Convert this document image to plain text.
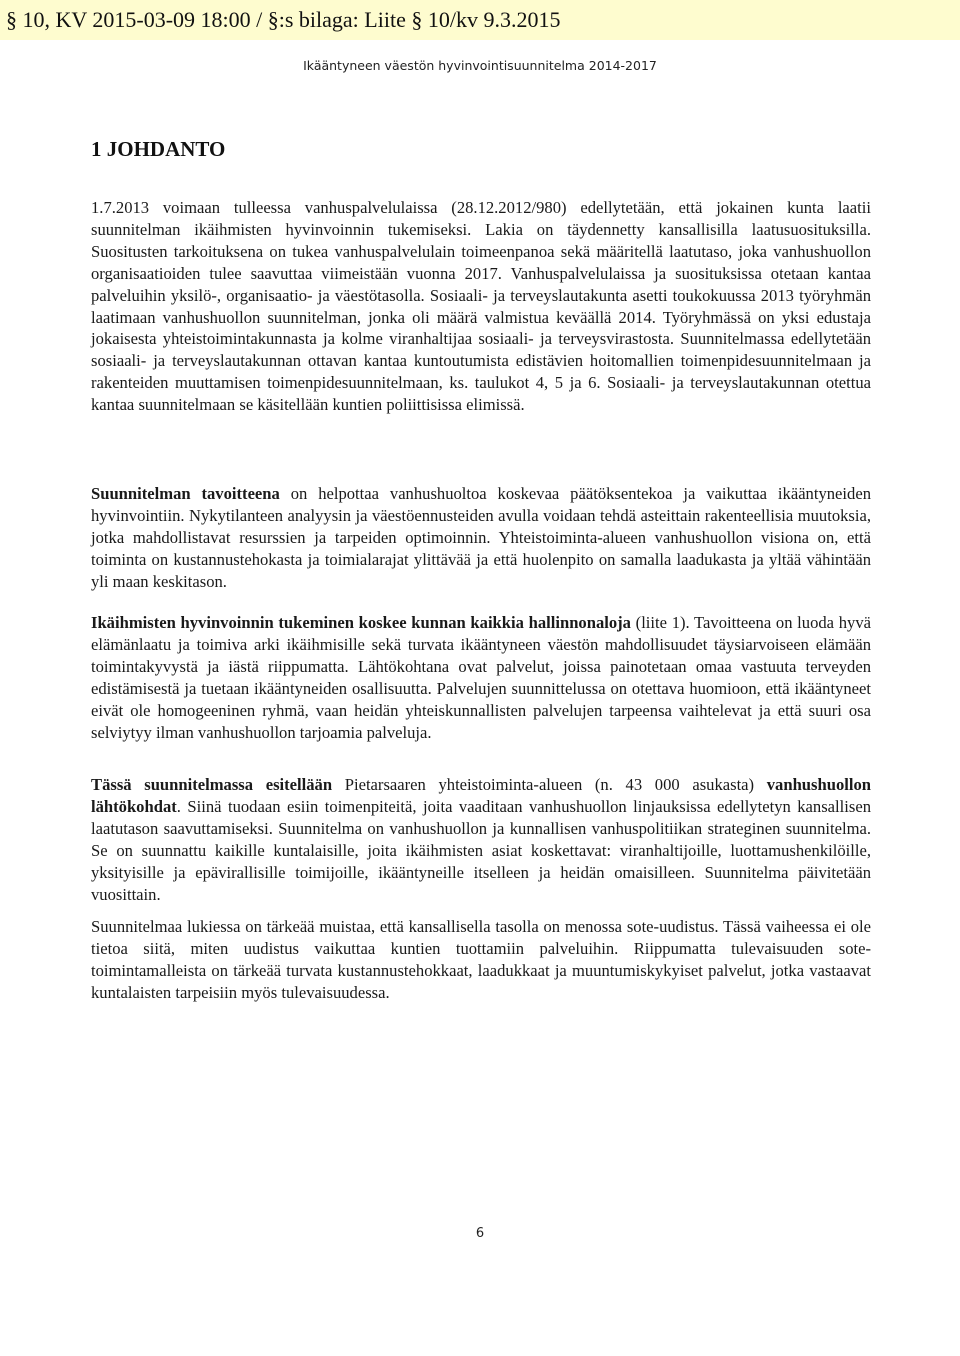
§ 10, KV 2015-03-09 18:00 / §:s bilaga: Liite § 10/kv 9.3.2015
Ikääntyneen väestön hyvinvointisuunnitelma 2014-2017
1 JOHDANTO

1.7.2013 voimaan tulleessa vanhuspalvelulaissa (28.12.2012/980) edellytetään, että jokainen kunta laatii suunnitelman ikäihmisten hyvinvoinnin tukemiseksi. Lakia on täydennetty kansallisilla laatusuosituksilla. Suositusten tarkoituksena on tukea vanhuspalvelulain toimeenpanoa sekä määritellä laatutaso, joka vanhushuollon organisaatioiden tulee saavuttaa viimeistään vuonna 2017. Vanhuspalvelulaissa ja suosituksissa otetaan kantaa palveluihin yksilö-, organisaatio- ja väestötasolla. Sosiaali- ja terveyslautakunta asetti toukokuussa 2013 työryhmän laatimaan vanhushuollon suunnitelman, jonka oli määrä valmistua keväällä 2014. Työryhmässä on yksi edustaja jokaisesta yhteistoimintakunnasta ja kolme viranhaltijaa sosiaali- ja terveysvirastosta. Suunnitelmassa edellytetään sosiaali- ja terveyslautakunnan ottavan kantaa kuntoutumista edistävien hoitomallien toimenpidesuunnitelmaan ja rakenteiden muuttamisen toimenpidesuunnitelmaan, ks. taulukot 4, 5 ja 6. Sosiaali- ja terveyslautakunnan otettua kantaa suunnitelmaan se käsitellään kuntien poliittisissa elimissä.

Suunnitelman tavoitteena on helpottaa vanhushuoltoa koskevaa päätöksentekoa ja vaikuttaa ikääntyneiden hyvinvointiin. Nykytilanteen analyysin ja väestöennusteiden avulla voidaan tehdä asteittain rakenteellisia muutoksia, jotka mahdollistavat resurssien ja tarpeiden optimoinnin. Yhteistoiminta-alueen vanhushuollon visiona on, että toiminta on kustannustehokasta ja toimialarajat ylittävää ja että huolenpito on samalla laadukasta ja yltää vähintään yli maan keskitason.

Ikäihmisten hyvinvoinnin tukeminen koskee kunnan kaikkia hallinnonaloja (liite 1). Tavoitteena on luoda hyvä elämänlaatu ja toimiva arki ikäihmisille sekä turvata ikääntyneen väestön mahdollisuudet täysiarvoiseen elämään toimintakyvystä ja iästä riippumatta. Lähtökohtana ovat palvelut, joissa painotetaan omaa vastuuta terveyden edistämisestä ja tuetaan ikääntyneiden osallisuutta. Palvelujen suunnittelussa on otettava huomioon, että ikääntyneet eivät ole homogeeninen ryhmä, vaan heidän yhteiskunnallisten palvelujen tarpeensa vaihtelevat ja että suuri osa selviytyy ilman vanhushuollon tarjoamia palveluja.

Tässä suunnitelmassa esitellään Pietarsaaren yhteistoiminta-alueen (n. 43 000 asukasta) vanhushuollon lähtökohdat. Siinä tuodaan esiin toimenpiteitä, joita vaaditaan vanhushuollon linjauksissa edellytetyn kansallisen laatutason saavuttamiseksi. Suunnitelma on vanhushuollon ja kunnallisen vanhuspolitiikan strateginen suunnitelma. Se on suunnattu kaikille kuntalaisille, joita ikäihmisten asiat koskettavat: viranhaltijoille, luottamushenkilöille, yksityisille ja epävirallisille toimijoille, ikääntyneille itselleen ja heidän omaisilleen. Suunnitelma päivitetään vuosittain.

Suunnitelmaa lukiessa on tärkeää muistaa, että kansallisella tasolla on menossa sote-uudistus. Tässä vaiheessa ei ole tietoa siitä, miten uudistus vaikuttaa kuntien tuottamiin palveluihin. Riippumatta tulevaisuuden sote-toimintamalleista on tärkeää turvata kustannustehokkaat, laadukkaat ja muuntumiskykyiset palvelut, jotka vastaavat kuntalaisten tarpeisiin myös tulevaisuudessa.

6
